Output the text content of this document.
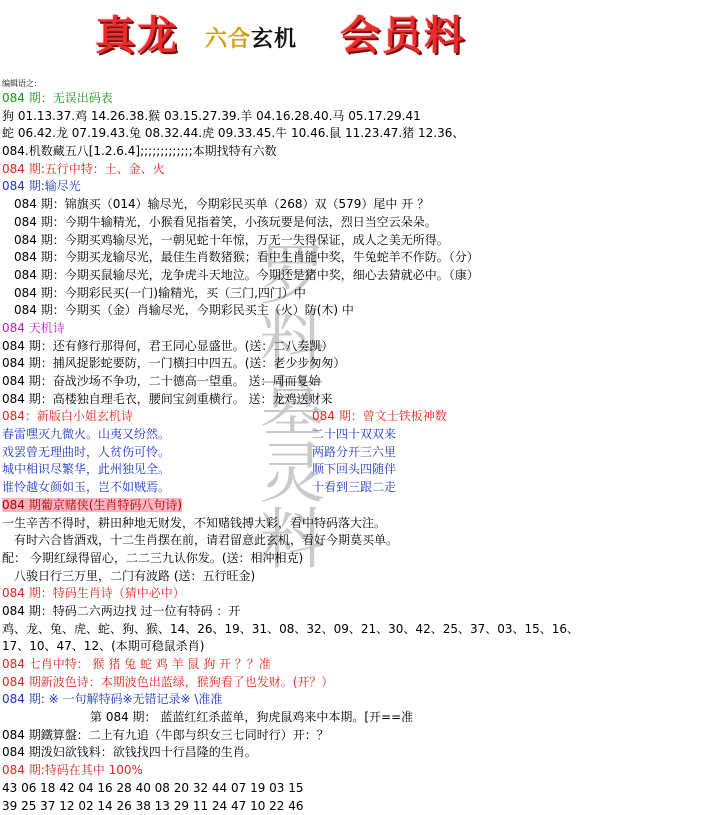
真龙 六合玄机 会员料
罗料墓灵料
编辑语之:
084 期：无误出码表
狗 01.13.37.鸡 14.26.38.猴 03.15.27.39.羊 04.16.28.40.马 05.17.29.41
蛇 06.42.龙 07.19.43.兔 08.32.44.虎 09.33.45.牛 10.46.鼠 11.23.47.猪 12.36、
084.机数藏五八[1.2.6.4];;;;;;;;;;;;;本期找特有六数
084 期:五行中特：土、金、火
084 期:输尽光
084 期：锦旗买（014）输尽光，今期彩民买单（268）双（579）尾中 开 ？
084 期：今期牛输精光，小猴看见指着笑，小孩玩要是何法，烈日当空云朵朵。
084 期：今期买鸡输尽光，一朝见蛇十年惊，万无一失得保证，成人之美无所得。
084 期：今期买龙输尽光，最佳生肖数猪猴；看中生肖能中奖，牛兔蛇羊不作防。（分）
084 期：今期买鼠输尽光，龙争虎斗天地泣。今期还是猪中奖，细心去猜就必中。（康）
084 期：今期彩民买(一门)输精光，买（三门,四门）中
084 期：今期买（金）肖输尽光，今期彩民买主（火）防(木) 中
084 天机诗
084 期：还有修行那得何，君王同心显盛世。(送：二八奏凯）
084 期：捕风捉影蛇要防，一门横扫中四五。(送：老少步匆匆）
084 期：奋战沙场不争功，二十德高一望重。 送：周而复始
084 期：高楼独自理毛衣，腰间宝剑重横行。 送：龙鸡送财来
084：新版白小姐玄机诗	084 期：曾文士铁板神数
春雷嘿灭九微火。山夷又纷然。	二十四十双双来
戏罢曾无理曲时，人贫伤可怜。	两路分开三六里
城中相识尽繁华，此州独见全。	顺下回头四随伴
谁怜越女颜如玉，岂不如贼焉。	十看到三跟二走
084 期葡京赌侠(生肖特码八句诗)
一生辛苦不得时，耕田种地无财发，不知赌钱搏大彩，看中特码落大注。
有时六合皆酒戏，十二生肖摆在前，请君留意此玄机，看好今期莫买单。
配： 今期红绿得留心，二二三九认你发。(送：相冲相克)
八骏日行三万里，二门有波路 (送：五行旺金)
084 期：特码生肖诗（猜中必中）
084 期：特码二六两边找 过一位有特码 ：开
鸡、龙、兔、虎、蛇、狗、猴、14、26、19、31、08、32、09、21、30、42、25、37、03、15、16、
17、10、47、12、(本期可稳鼠杀肖)
084 七肖中特： 猴 猪 兔 蛇 鸡 羊 鼠 狗 开 ？？准
084 期新波色诗：本期波色出蓝绿，猴狗看了也发财。(开？）
084 期: ※ 一句解特码※无错记录※ \准准
第 084 期： 蓝蓝红红杀蓝单，狗虎鼠鸡来中本期。[开==准
084 期鐵算盤：二上有九追（牛郎与织女三七同时行）开：？
084 期泼妇欲钱料：欲钱找四十行昌隆的生肖。
084 期:特码在其中 100%
43 06 18 42 04 16 28 40 08 20 32 44 07 19 03 15
39 25 37 12 02 14 26 38 13 29 11 24 47 10 22 46
